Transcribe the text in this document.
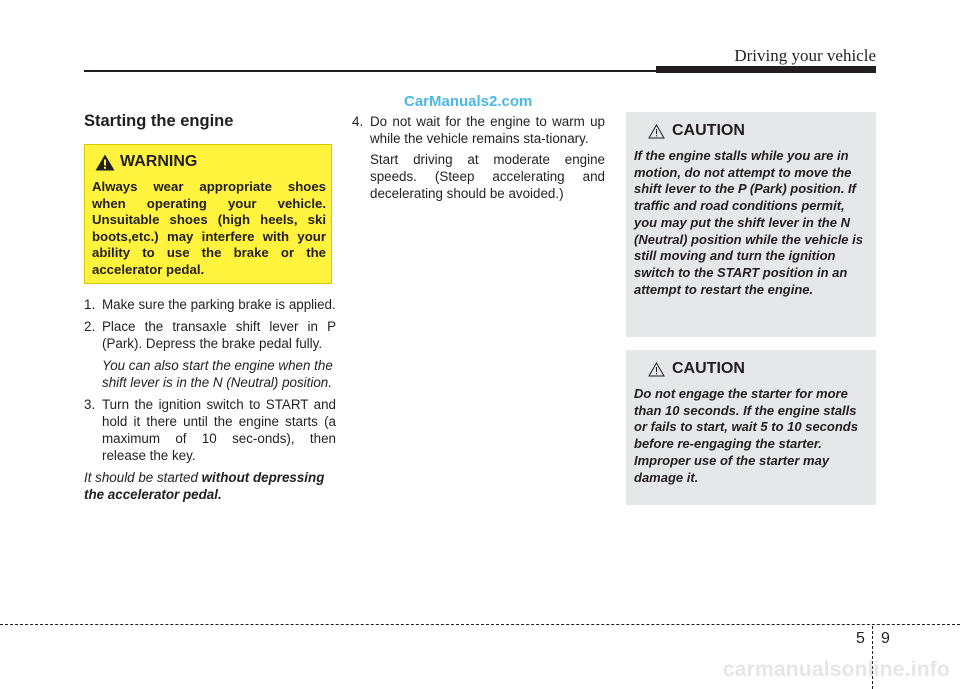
Driving your vehicle
CarManuals2.com
Starting the engine
WARNING
Always wear appropriate shoes when operating your vehicle. Unsuitable shoes (high heels, ski boots,etc.) may interfere with your ability to use the brake or the accelerator pedal.
1. Make sure the parking brake is applied.
2. Place the transaxle shift lever in P (Park). Depress the brake pedal fully.
You can also start the engine when the shift lever is in the N (Neutral) position.
3. Turn the ignition switch to START and hold it there until the engine starts (a maximum of 10 sec-onds), then release the key.
It should be started without depressing the accelerator pedal.
4. Do not wait for the engine to warm up while the vehicle remains sta-tionary.
Start driving at moderate engine speeds. (Steep accelerating and decelerating should be avoided.)
CAUTION
If the engine stalls while you are in motion, do not attempt to move the shift lever to the P (Park) position. If traffic and road conditions permit, you may put the shift lever in the N (Neutral) position while the vehicle is still moving and turn the ignition switch to the START position in an attempt to restart the engine.
CAUTION
Do not engage the starter for more than 10 seconds. If the engine stalls or fails to start, wait 5 to 10 seconds before re-engaging the starter. Improper use of the starter may damage it.
5 9
carmanualsonline.info
